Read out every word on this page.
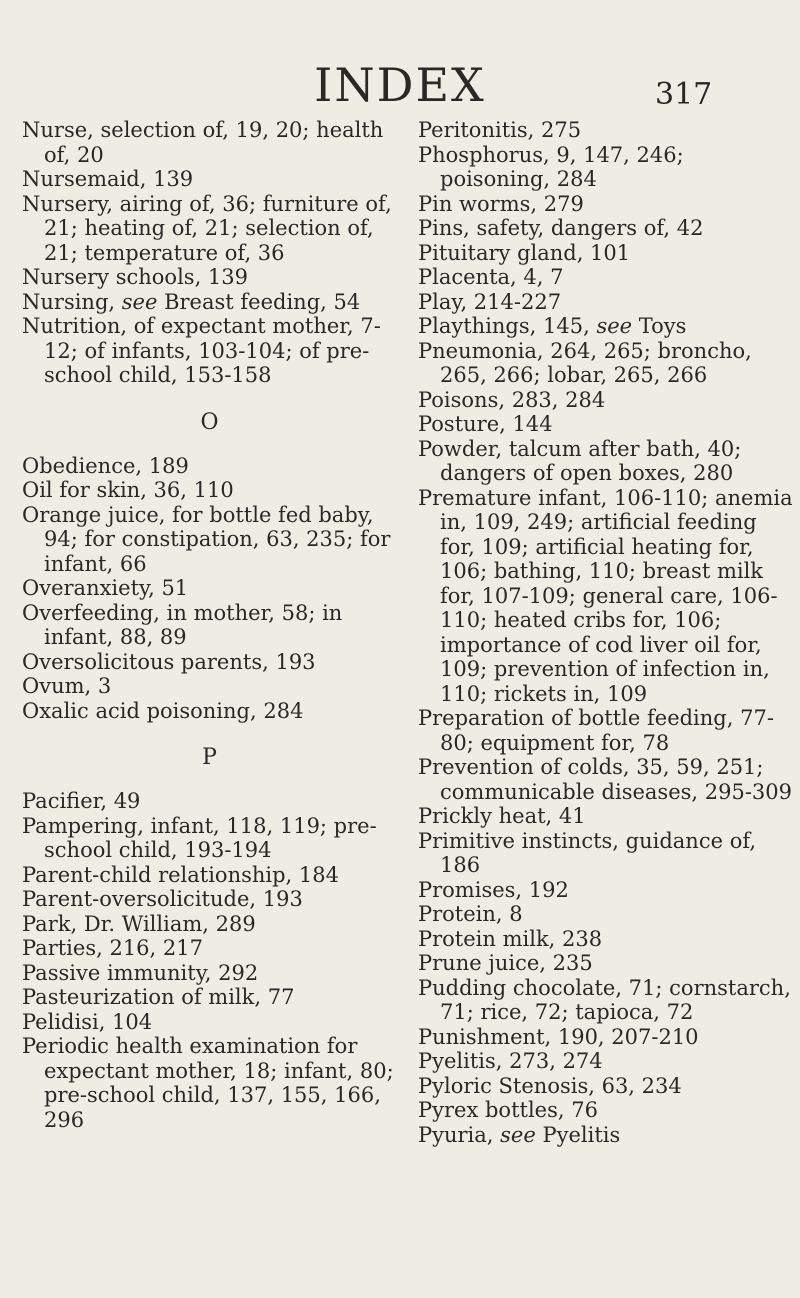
INDEX	317
Nurse, selection of, 19, 20; health of, 20
Nursemaid, 139
Nursery, airing of, 36; furniture of, 21; heating of, 21; selection of, 21; temperature of, 36
Nursery schools, 139
Nursing, see Breast feeding, 54
Nutrition, of expectant mother, 7-12; of infants, 103-104; of pre-school child, 153-158
O
Obedience, 189
Oil for skin, 36, 110
Orange juice, for bottle fed baby, 94; for constipation, 63, 235; for infant, 66
Overanxiety, 51
Overfeeding, in mother, 58; in infant, 88, 89
Oversolicitous parents, 193
Ovum, 3
Oxalic acid poisoning, 284
P
Pacifier, 49
Pampering, infant, 118, 119; pre-school child, 193-194
Parent-child relationship, 184
Parent-oversolicitude, 193
Park, Dr. William, 289
Parties, 216, 217
Passive immunity, 292
Pasteurization of milk, 77
Pelidisi, 104
Periodic health examination for expectant mother, 18; infant, 80; pre-school child, 137, 155, 166, 296
Peritonitis, 275
Phosphorus, 9, 147, 246; poisoning, 284
Pin worms, 279
Pins, safety, dangers of, 42
Pituitary gland, 101
Placenta, 4, 7
Play, 214-227
Playthings, 145, see Toys
Pneumonia, 264, 265; broncho, 265, 266; lobar, 265, 266
Poisons, 283, 284
Posture, 144
Powder, talcum after bath, 40; dangers of open boxes, 280
Premature infant, 106-110; anemia in, 109, 249; artificial feeding for, 109; artificial heating for, 106; bathing, 110; breast milk for, 107-109; general care, 106-110; heated cribs for, 106; importance of cod liver oil for, 109; prevention of infection in, 110; rickets in, 109
Preparation of bottle feeding, 77-80; equipment for, 78
Prevention of colds, 35, 59, 251; communicable diseases, 295-309
Prickly heat, 41
Primitive instincts, guidance of, 186
Promises, 192
Protein, 8
Protein milk, 238
Prune juice, 235
Pudding chocolate, 71; cornstarch, 71; rice, 72; tapioca, 72
Punishment, 190, 207-210
Pyelitis, 273, 274
Pyloric Stenosis, 63, 234
Pyrex bottles, 76
Pyuria, see Pyelitis
